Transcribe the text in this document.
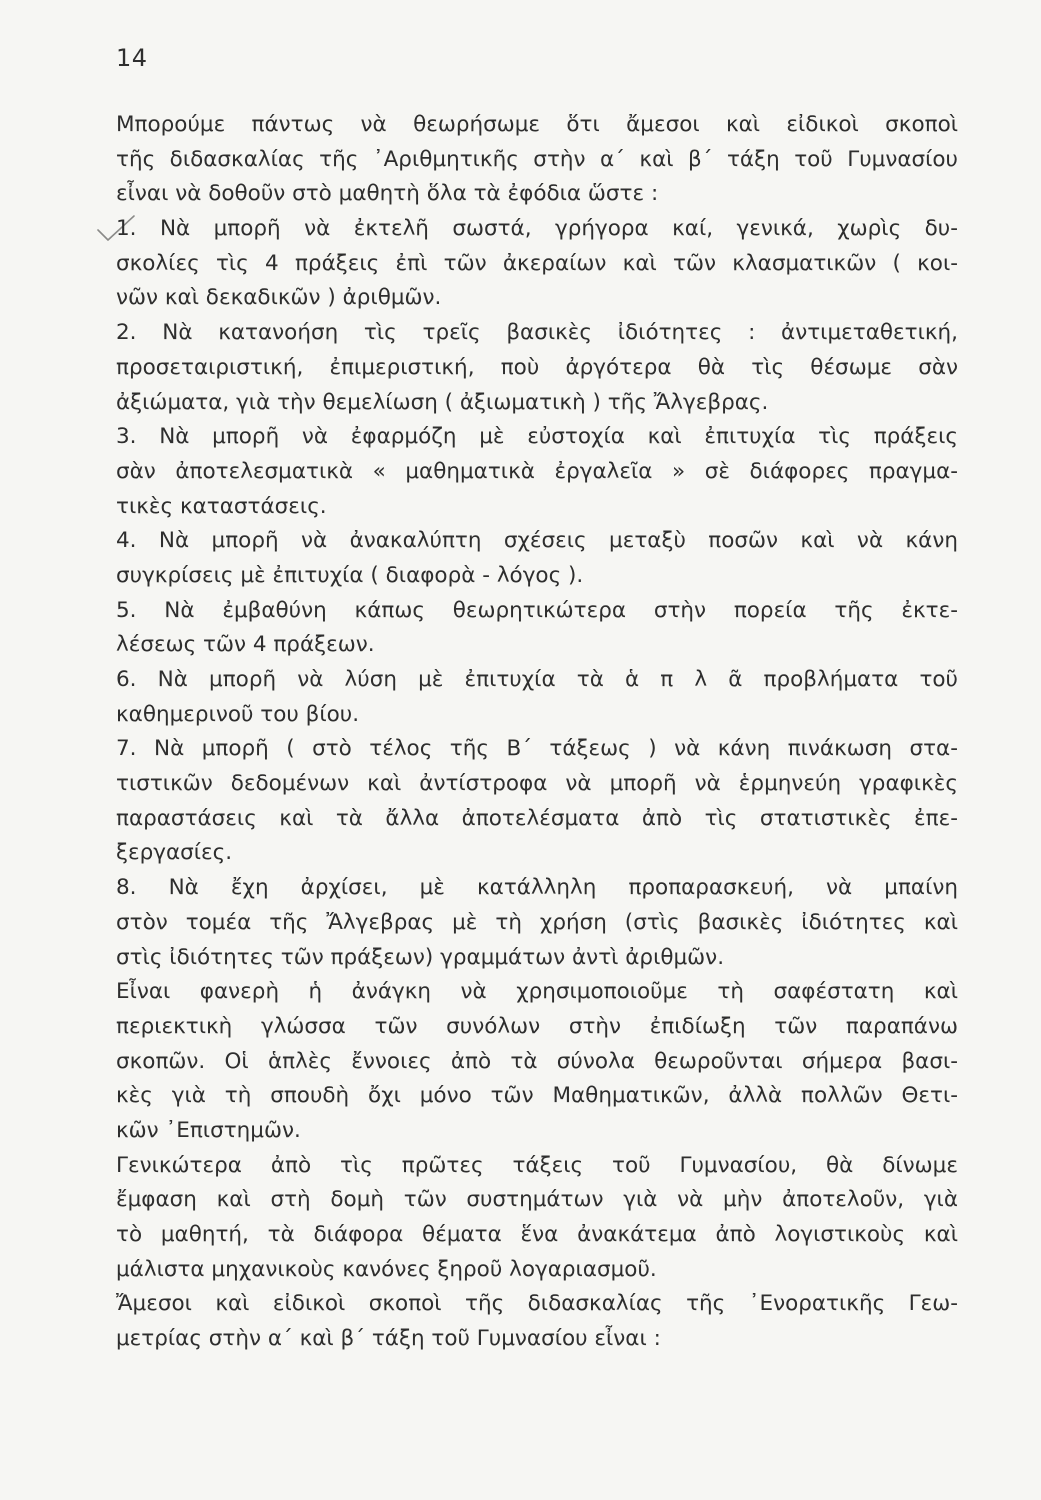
14
Μπορούμε πάντως νὰ θεωρήσωμε ὅτι ἄμεσοι καὶ εἰδικοὶ σκοποὶ
τῆς διδασκαλίας τῆς ᾿Αριθμητικῆς στὴν α΄ καὶ β΄ τάξη τοῦ Γυμνασίου
εἶναι νὰ δοθοῦν στὸ μαθητὴ ὅλα τὰ ἐφόδια ὥστε :
1. Νὰ μπορῆ νὰ ἐκτελῆ σωστά, γρήγορα καί, γενικά, χωρὶς δυ-
σκολίες τὶς 4 πράξεις ἐπὶ τῶν ἀκεραίων καὶ τῶν κλασματικῶν ( κοι-
νῶν καὶ δεκαδικῶν ) ἀριθμῶν.
2. Νὰ κατανοήση τὶς τρεῖς βασικὲς ἰδιότητες : ἀντιμεταθετική,
προσεταιριστική, ἐπιμεριστική, ποὺ ἀργότερα θὰ τὶς θέσωμε σὰν
ἀξιώματα, γιὰ τὴν θεμελίωση ( ἀξιωματικὴ ) τῆς Ἄλγεβρας.
3. Νὰ μπορῆ νὰ ἐφαρμόζη μὲ εὐστοχία καὶ ἐπιτυχία τὶς πράξεις
σὰν ἀποτελεσματικὰ « μαθηματικὰ ἐργαλεῖα » σὲ διάφορες πραγμα-
τικὲς καταστάσεις.
4. Νὰ μπορῆ νὰ ἀνακαλύπτη σχέσεις μεταξὺ ποσῶν καὶ νὰ κάνη
συγκρίσεις μὲ ἐπιτυχία ( διαφορὰ - λόγος ).
5. Νὰ ἐμβαθύνη κάπως θεωρητικώτερα στὴν πορεία τῆς ἐκτε-
λέσεως τῶν 4 πράξεων.
6. Νὰ μπορῆ νὰ λύση μὲ ἐπιτυχία τὰ ἁ π λ ᾶ προβλήματα τοῦ
καθημερινοῦ του βίου.
7. Νὰ μπορῆ ( στὸ τέλος τῆς Β΄ τάξεως ) νὰ κάνη πινάκωση στα-
τιστικῶν δεδομένων καὶ ἀντίστροφα νὰ μπορῆ νὰ ἑρμηνεύη γραφικὲς
παραστάσεις καὶ τὰ ἄλλα ἀποτελέσματα ἀπὸ τὶς στατιστικὲς ἐπε-
ξεργασίες.
8. Νὰ ἔχη ἀρχίσει, μὲ κατάλληλη προπαρασκευή, νὰ μπαίνη
στὸν τομέα τῆς Ἄλγεβρας μὲ τὴ χρήση (στὶς βασικὲς ἰδιότητες καὶ
στὶς ἰδιότητες τῶν πράξεων) γραμμάτων ἀντὶ ἀριθμῶν.
Εἶναι φανερὴ ἡ ἀνάγκη νὰ χρησιμοποιοῦμε τὴ σαφέστατη καὶ
περιεκτικὴ γλώσσα τῶν συνόλων στὴν ἐπιδίωξη τῶν παραπάνω
σκοπῶν. Οἱ ἁπλὲς ἔννοιες ἀπὸ τὰ σύνολα θεωροῦνται σήμερα βασι-
κὲς γιὰ τὴ σπουδὴ ὄχι μόνο τῶν Μαθηματικῶν, ἀλλὰ πολλῶν Θετι-
κῶν ᾿Επιστημῶν.
Γενικώτερα ἀπὸ τὶς πρῶτες τάξεις τοῦ Γυμνασίου, θὰ δίνωμε
ἔμφαση καὶ στὴ δομὴ τῶν συστημάτων γιὰ νὰ μὴν ἀποτελοῦν, γιὰ
τὸ μαθητή, τὰ διάφορα θέματα ἕνα ἀνακάτεμα ἀπὸ λογιστικοὺς καὶ
μάλιστα μηχανικοὺς κανόνες ξηροῦ λογαριασμοῦ.
Ἄμεσοι καὶ εἰδικοὶ σκοποὶ τῆς διδασκαλίας τῆς ᾿Ενορατικῆς Γεω-
μετρίας στὴν α΄ καὶ β΄ τάξη τοῦ Γυμνασίου εἶναι :
